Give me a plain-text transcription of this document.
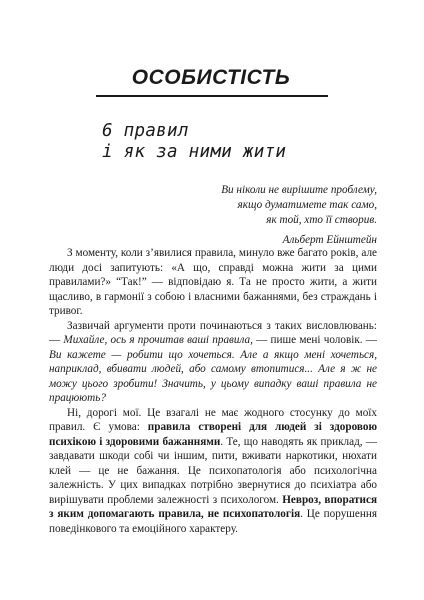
ОСОБИСТІСТЬ
6 правил
і як за ними жити
Ви ніколи не вирішите проблему,
якщо думатимете так само,
як той, хто її створив.
Альберт Ейнштейн

З моменту, коли з’явилися правила, минуло вже багато років, але люди досі запитують: «А що, справді можна жити за цими правилами?» “Так!” — відповідаю я. Та не просто жити, а жити щасливо, в гармонії з собою і власними бажаннями, без страждань і тривог.

Зазвичай аргументи проти починаються з таких висловлювань: — Михайле, ось я прочитав ваші правила, — пише мені чоловік. — Ви кажете — робити що хочеться. Але а якщо мені хочеться, наприклад, вбивати людей, або самому втопитися... Але я ж не можу цього зробити! Значить, у цьому випадку ваші правила не працюють?

Ні, дорогі мої. Це взагалі не має жодного стосунку до моїх правил. Є умова: правила створені для людей зі здоровою психікою і здоровими бажаннями. Те, що наводять як приклад, — завдавати шкоди собі чи іншим, пити, вживати наркотики, нюхати клей — це не бажання. Це психопатологія або психологічна залежність. У цих випадках потрібно звернутися до психіатра або вирішувати проблеми залежності з психологом. Невроз, впоратися з яким допомагають правила, не психопатологія. Це порушення поведінкового та емоційного характеру.
